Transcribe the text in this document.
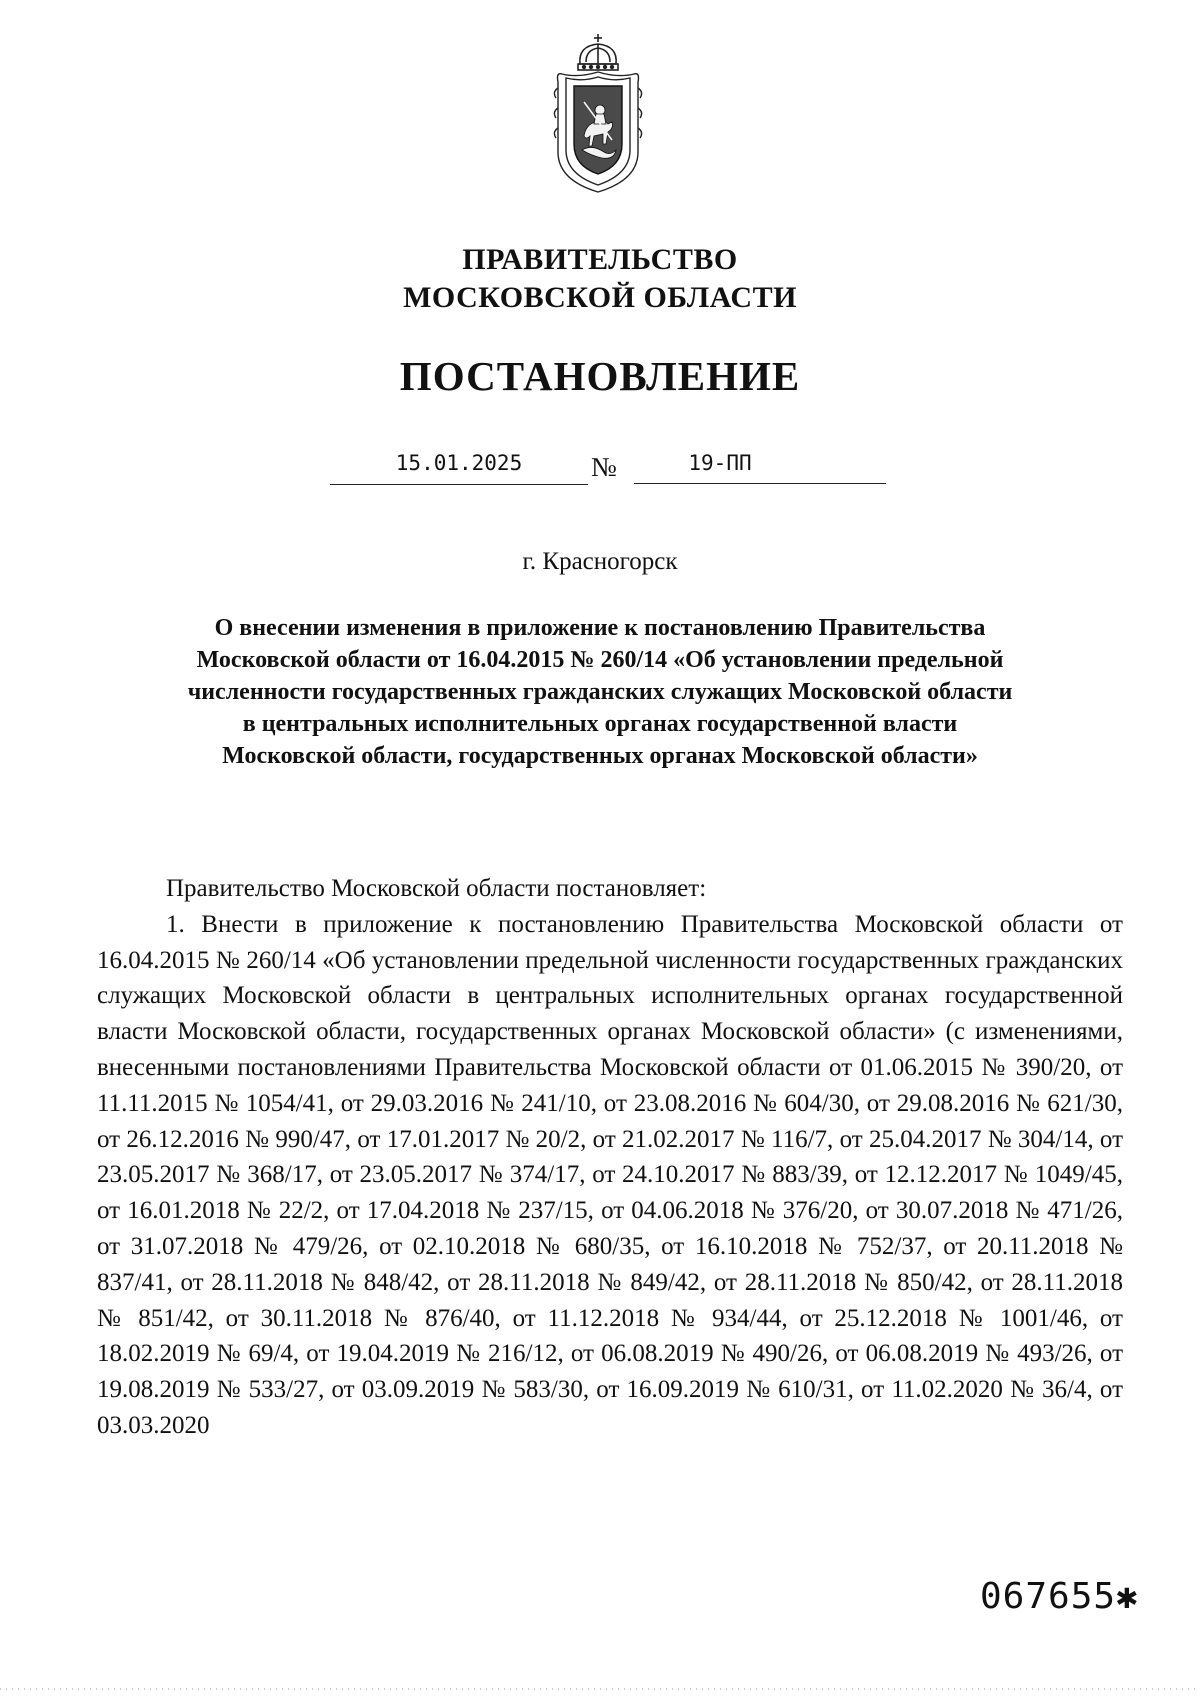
ПРАВИТЕЛЬСТВО
МОСКОВСКОЙ ОБЛАСТИ
ПОСТАНОВЛЕНИЕ
15.01.2025	№	19-ПП
г. Красногорск
О внесении изменения в приложение к постановлению Правительства
Московской области от 16.04.2015 № 260/14 «Об установлении предельной
численности государственных гражданских служащих Московской области
в центральных исполнительных органах государственной власти
Московской области, государственных органах Московской области»

Правительство Московской области постановляет:

1. Внести в приложение к постановлению Правительства Московской области от 16.04.2015 № 260/14 «Об установлении предельной численности государственных гражданских служащих Московской области в центральных исполнительных органах государственной власти Московской области, государственных органах Московской области» (с изменениями, внесенными постановлениями Правительства Московской области от 01.06.2015 № 390/20, от 11.11.2015 № 1054/41, от 29.03.2016 № 241/10, от 23.08.2016 № 604/30, от 29.08.2016 № 621/30, от 26.12.2016 № 990/47, от 17.01.2017 № 20/2, от 21.02.2017 № 116/7, от 25.04.2017 № 304/14, от 23.05.2017 № 368/17, от 23.05.2017 № 374/17, от 24.10.2017 № 883/39, от 12.12.2017 № 1049/45, от 16.01.2018 № 22/2, от 17.04.2018 № 237/15, от 04.06.2018 № 376/20, от 30.07.2018 № 471/26, от 31.07.2018 № 479/26, от 02.10.2018 № 680/35, от 16.10.2018 № 752/37, от 20.11.2018 № 837/41, от 28.11.2018 № 848/42, от 28.11.2018 № 849/42, от 28.11.2018 № 850/42, от 28.11.2018 № 851/42, от 30.11.2018 № 876/40, от 11.12.2018 № 934/44, от 25.12.2018 № 1001/46, от 18.02.2019 № 69/4, от 19.04.2019 № 216/12, от 06.08.2019 № 490/26, от 06.08.2019 № 493/26, от 19.08.2019 № 533/27, от 03.09.2019 № 583/30, от 16.09.2019 № 610/31, от 11.02.2020 № 36/4, от 03.03.2020

067655✱
